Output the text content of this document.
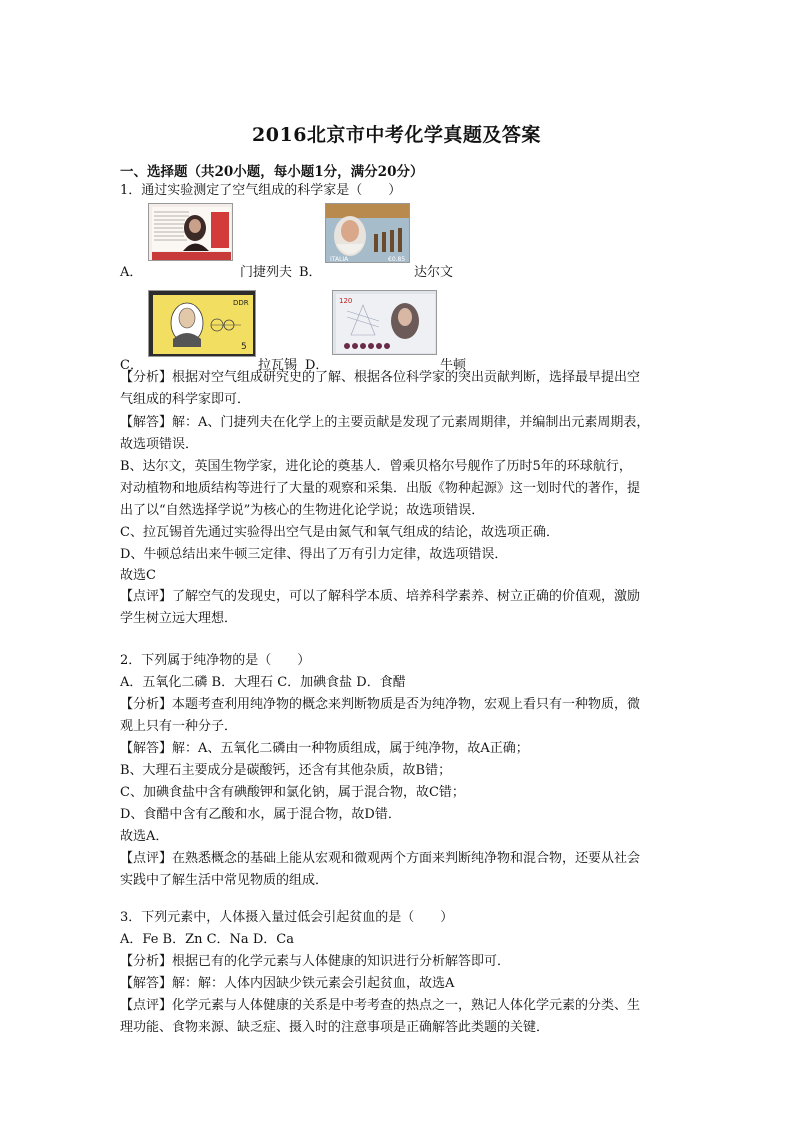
2016北京市中考化学真题及答案
一、选择题（共20小题，每小题1分，满分20分）
1．通过实验测定了空气组成的科学家是（　　）
A．	门捷列夫
ITALIA	€0.85
B．	达尔文
DDR
5
C．	拉瓦锡
120
D．	牛顿
【分析】根据对空气组成研究史的了解、根据各位科学家的突出贡献判断，选择最早提出空
气组成的科学家即可．
【解答】解：A、门捷列夫在化学上的主要贡献是发现了元素周期律，并编制出元素周期表，
故选项错误．
B、达尔文，英国生物学家，进化论的奠基人．曾乘贝格尔号舰作了历时5年的环球航行，
对动植物和地质结构等进行了大量的观察和采集．出版《物种起源》这一划时代的著作，提
出了以“自然选择学说”为核心的生物进化论学说；故选项错误．
C、拉瓦锡首先通过实验得出空气是由氮气和氧气组成的结论，故选项正确．
D、牛顿总结出来牛顿三定律、得出了万有引力定律，故选项错误．
故选C
【点评】了解空气的发现史，可以了解科学本质、培养科学素养、树立正确的价值观，激励
学生树立远大理想．
2．下列属于纯净物的是（　　）
A．五氧化二磷 B．大理石 C．加碘食盐 D．食醋
【分析】本题考查利用纯净物的概念来判断物质是否为纯净物，宏观上看只有一种物质，微
观上只有一种分子．
【解答】解：A、五氧化二磷由一种物质组成，属于纯净物，故A正确；
B、大理石主要成分是碳酸钙，还含有其他杂质，故B错；
C、加碘食盐中含有碘酸钾和氯化钠，属于混合物，故C错；
D、食醋中含有乙酸和水，属于混合物，故D错．
故选A．
【点评】在熟悉概念的基础上能从宏观和微观两个方面来判断纯净物和混合物，还要从社会
实践中了解生活中常见物质的组成．
3．下列元素中，人体摄入量过低会引起贫血的是（　　）
A．Fe B．Zn C．Na D．Ca
【分析】根据已有的化学元素与人体健康的知识进行分析解答即可．
【解答】解：解：人体内因缺少铁元素会引起贫血，故选A
【点评】化学元素与人体健康的关系是中考考查的热点之一，熟记人体化学元素的分类、生
理功能、食物来源、缺乏症、摄入时的注意事项是正确解答此类题的关键．
